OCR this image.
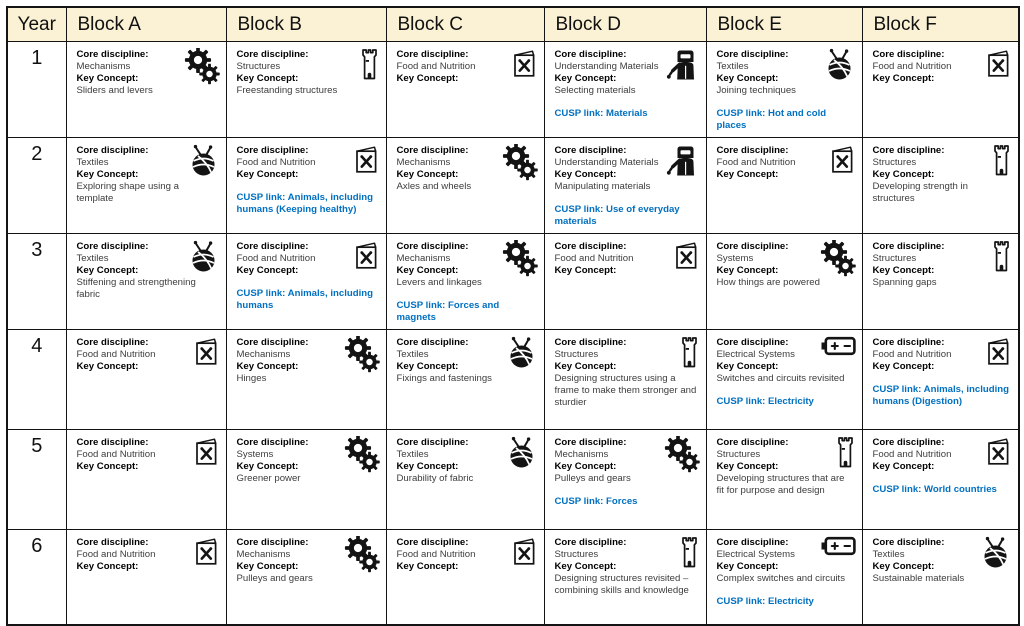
Year	Block A	Block B	Block C	Block D	Block E	Block F
1	Core discipline:
Mechanisms
Key Concept:
Sliders and levers

Core discipline:
Structures
Key Concept:
Freestanding structures

Core discipline:
Food and Nutrition
Key Concept:

Core discipline:
Understanding Materials
Key Concept:
Selecting materials
CUSP link: Materials

Core discipline:
Textiles
Key Concept:
Joining techniques
CUSP link: Hot and cold places

Core discipline:
Food and Nutrition
Key Concept:

2	Core discipline:
Textiles
Key Concept:
Exploring shape using a template

Core discipline:
Food and Nutrition
Key Concept:
CUSP link: Animals, including humans (Keeping healthy)

Core discipline:
Mechanisms
Key Concept:
Axles and wheels

Core discipline:
Understanding Materials
Key Concept:
Manipulating materials
CUSP link: Use of everyday materials

Core discipline:
Food and Nutrition
Key Concept:

Core discipline:
Structures
Key Concept:
Developing strength in structures

3	Core discipline:
Textiles
Key Concept:
Stiffening and strengthening fabric

Core discipline:
Food and Nutrition
Key Concept:
CUSP link: Animals, including humans

Core discipline:
Mechanisms
Key Concept:
Levers and linkages
CUSP link: Forces and magnets

Core discipline:
Food and Nutrition
Key Concept:

Core discipline:
Systems
Key Concept:
How things are powered

Core discipline:
Structures
Key Concept:
Spanning gaps

4	Core discipline:
Food and Nutrition
Key Concept:

Core discipline:
Mechanisms
Key Concept:
Hinges

Core discipline:
Textiles
Key Concept:
Fixings and fastenings

Core discipline:
Structures
Key Concept:
Designing structures using a frame to make them stronger and sturdier

Core discipline:
Electrical Systems
Key Concept:
Switches and circuits revisited
CUSP link: Electricity

Core discipline:
Food and Nutrition
Key Concept:
CUSP link: Animals, including humans (Digestion)

5	Core discipline:
Food and Nutrition
Key Concept:

Core discipline:
Systems
Key Concept:
Greener power

Core discipline:
Textiles
Key Concept:
Durability of fabric

Core discipline:
Mechanisms
Key Concept:
Pulleys and gears
CUSP link: Forces

Core discipline:
Structures
Key Concept:
Developing structures that are fit for purpose and design

Core discipline:
Food and Nutrition
Key Concept:
CUSP link: World countries

6	Core discipline:
Food and Nutrition
Key Concept:

Core discipline:
Mechanisms
Key Concept:
Pulleys and gears

Core discipline:
Food and Nutrition
Key Concept:

Core discipline:
Structures
Key Concept:
Designing structures revisited – combining skills and knowledge

Core discipline:
Electrical Systems
Key Concept:
Complex switches and circuits
CUSP link: Electricity

Core discipline:
Textiles
Key Concept:
Sustainable materials
